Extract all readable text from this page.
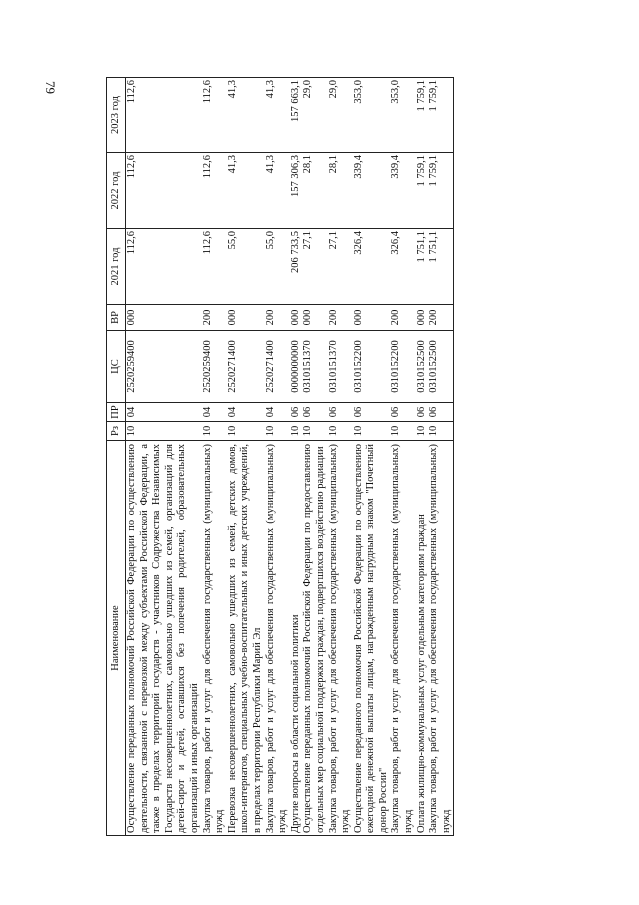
79
Наименование	Рз	ПР	ЦС	ВР	2021 год	2022 год	2023 год
Осуществление переданных полномочий Российской Федерации по осуществлению деятельности, связанной с перевозкой между субъектами Российской Федерации, а также в пределах территорий государств - участников Содружества Независимых Государств несовершеннолетних, самовольно ушедших из семей, организаций для детей-сирот и детей, оставшихся без попечения родителей, образовательных организаций и иных организаций	10	04	2520259400	000	112,6	112,6	112,6
Закупка товаров, работ и услуг для обеспечения государственных (муниципальных) нужд	10	04	2520259400	200	112,6	112,6	112,6
Перевозка несовершеннолетних, самовольно ушедших из семей, детских домов, школ-интернатов, специальных учебно-воспитательных и иных детских учреждений, в пределах территории Республики Марий Эл	10	04	2520271400	000	55,0	41,3	41,3
Закупка товаров, работ и услуг для обеспечения государственных (муниципальных) нужд	10	04	2520271400	200	55,0	41,3	41,3
Другие вопросы в области социальной политики	10	06	0000000000	000	206 733,5	157 306,3	157 663,1
Осуществление переданных полномочий Российской Федерации по предоставлению отдельных мер социальной поддержки граждан, подвергшихся воздействию радиации	10	06	0310151370	000	27,1	28,1	29,0
Закупка товаров, работ и услуг для обеспечения государственных (муниципальных) нужд	10	06	0310151370	200	27,1	28,1	29,0
Осуществление переданного полномочия Российской Федерации по осуществлению ежегодной денежной выплаты лицам, награжденным нагрудным знаком "Почетный донор России"	10	06	0310152200	000	326,4	339,4	353,0
Закупка товаров, работ и услуг для обеспечения государственных (муниципальных) нужд	10	06	0310152200	200	326,4	339,4	353,0
Оплата жилищно-коммунальных услуг отдельным категориям граждан	10	06	0310152500	000	1 751,1	1 759,1	1 759,1
Закупка товаров, работ и услуг для обеспечения государственных (муниципальных) нужд	10	06	0310152500	200	1 751,1	1 759,1	1 759,1
